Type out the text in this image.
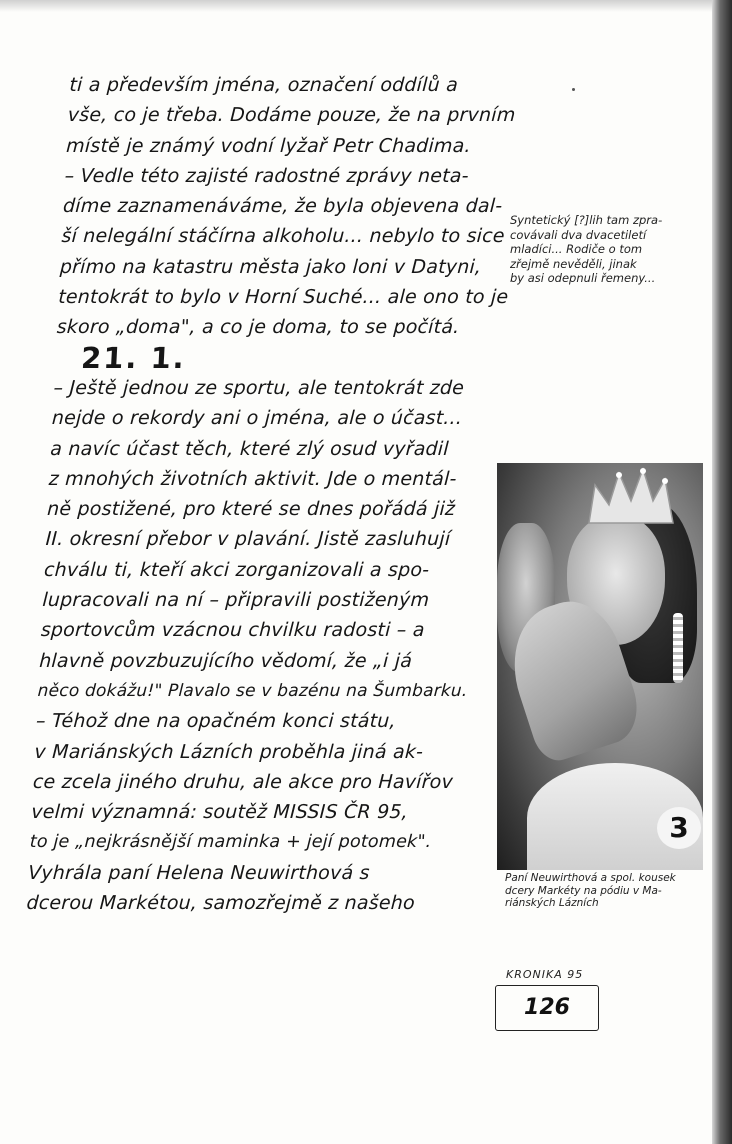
ti a především jména, označení oddílů a
vše, co je třeba. Dodáme pouze, že na prvním
místě je známý vodní lyžař Petr Chadima.
– Vedle této zajisté radostné zprávy neta-
díme zaznamenáváme, že byla objevena dal-
ší nelegální stáčírna alkoholu... nebylo to sice
přímo na katastru města jako loni v Datyni,
tentokrát to bylo v Horní Suché... ale ono to je
skoro „doma", a co je doma, to se počítá.
21. 1.
– Ještě jednou ze sportu, ale tentokrát zde
nejde o rekordy ani o jména, ale o účast...
a navíc účast těch, které zlý osud vyřadil
z mnohých životních aktivit. Jde o mentál-
ně postižené, pro které se dnes pořádá již
II. okresní přebor v plavání. Jistě zasluhují
chválu ti, kteří akci zorganizovali a spo-
lupracovali na ní – připravili postiženým
sportovcům vzácnou chvilku radosti – a
hlavně povzbuzujícího vědomí, že „i já
něco dokážu!" Plavalo se v bazénu na Šumbarku.
– Téhož dne na opačném konci státu,
v Mariánských Lázních proběhla jiná ak-
ce zcela jiného druhu, ale akce pro Havířov
velmi významná: soutěž MISSIS ČR 95,
to je „nejkrásnější maminka + její potomek".
Vyhrála paní Helena Neuwirthová s
dcerou Markétou, samozřejmě z našeho
Syntetický [?]lih tam zpra-
covávali dva dvacetiletí
mladíci... Rodiče o tom
zřejmě nevěděli, jinak
by asi odepnuli řemeny...
3
Paní Neuwirthová a spol. kousek
dcery Markéty na pódiu v Ma-
riánských Lázních
KRONIKA 95
126
